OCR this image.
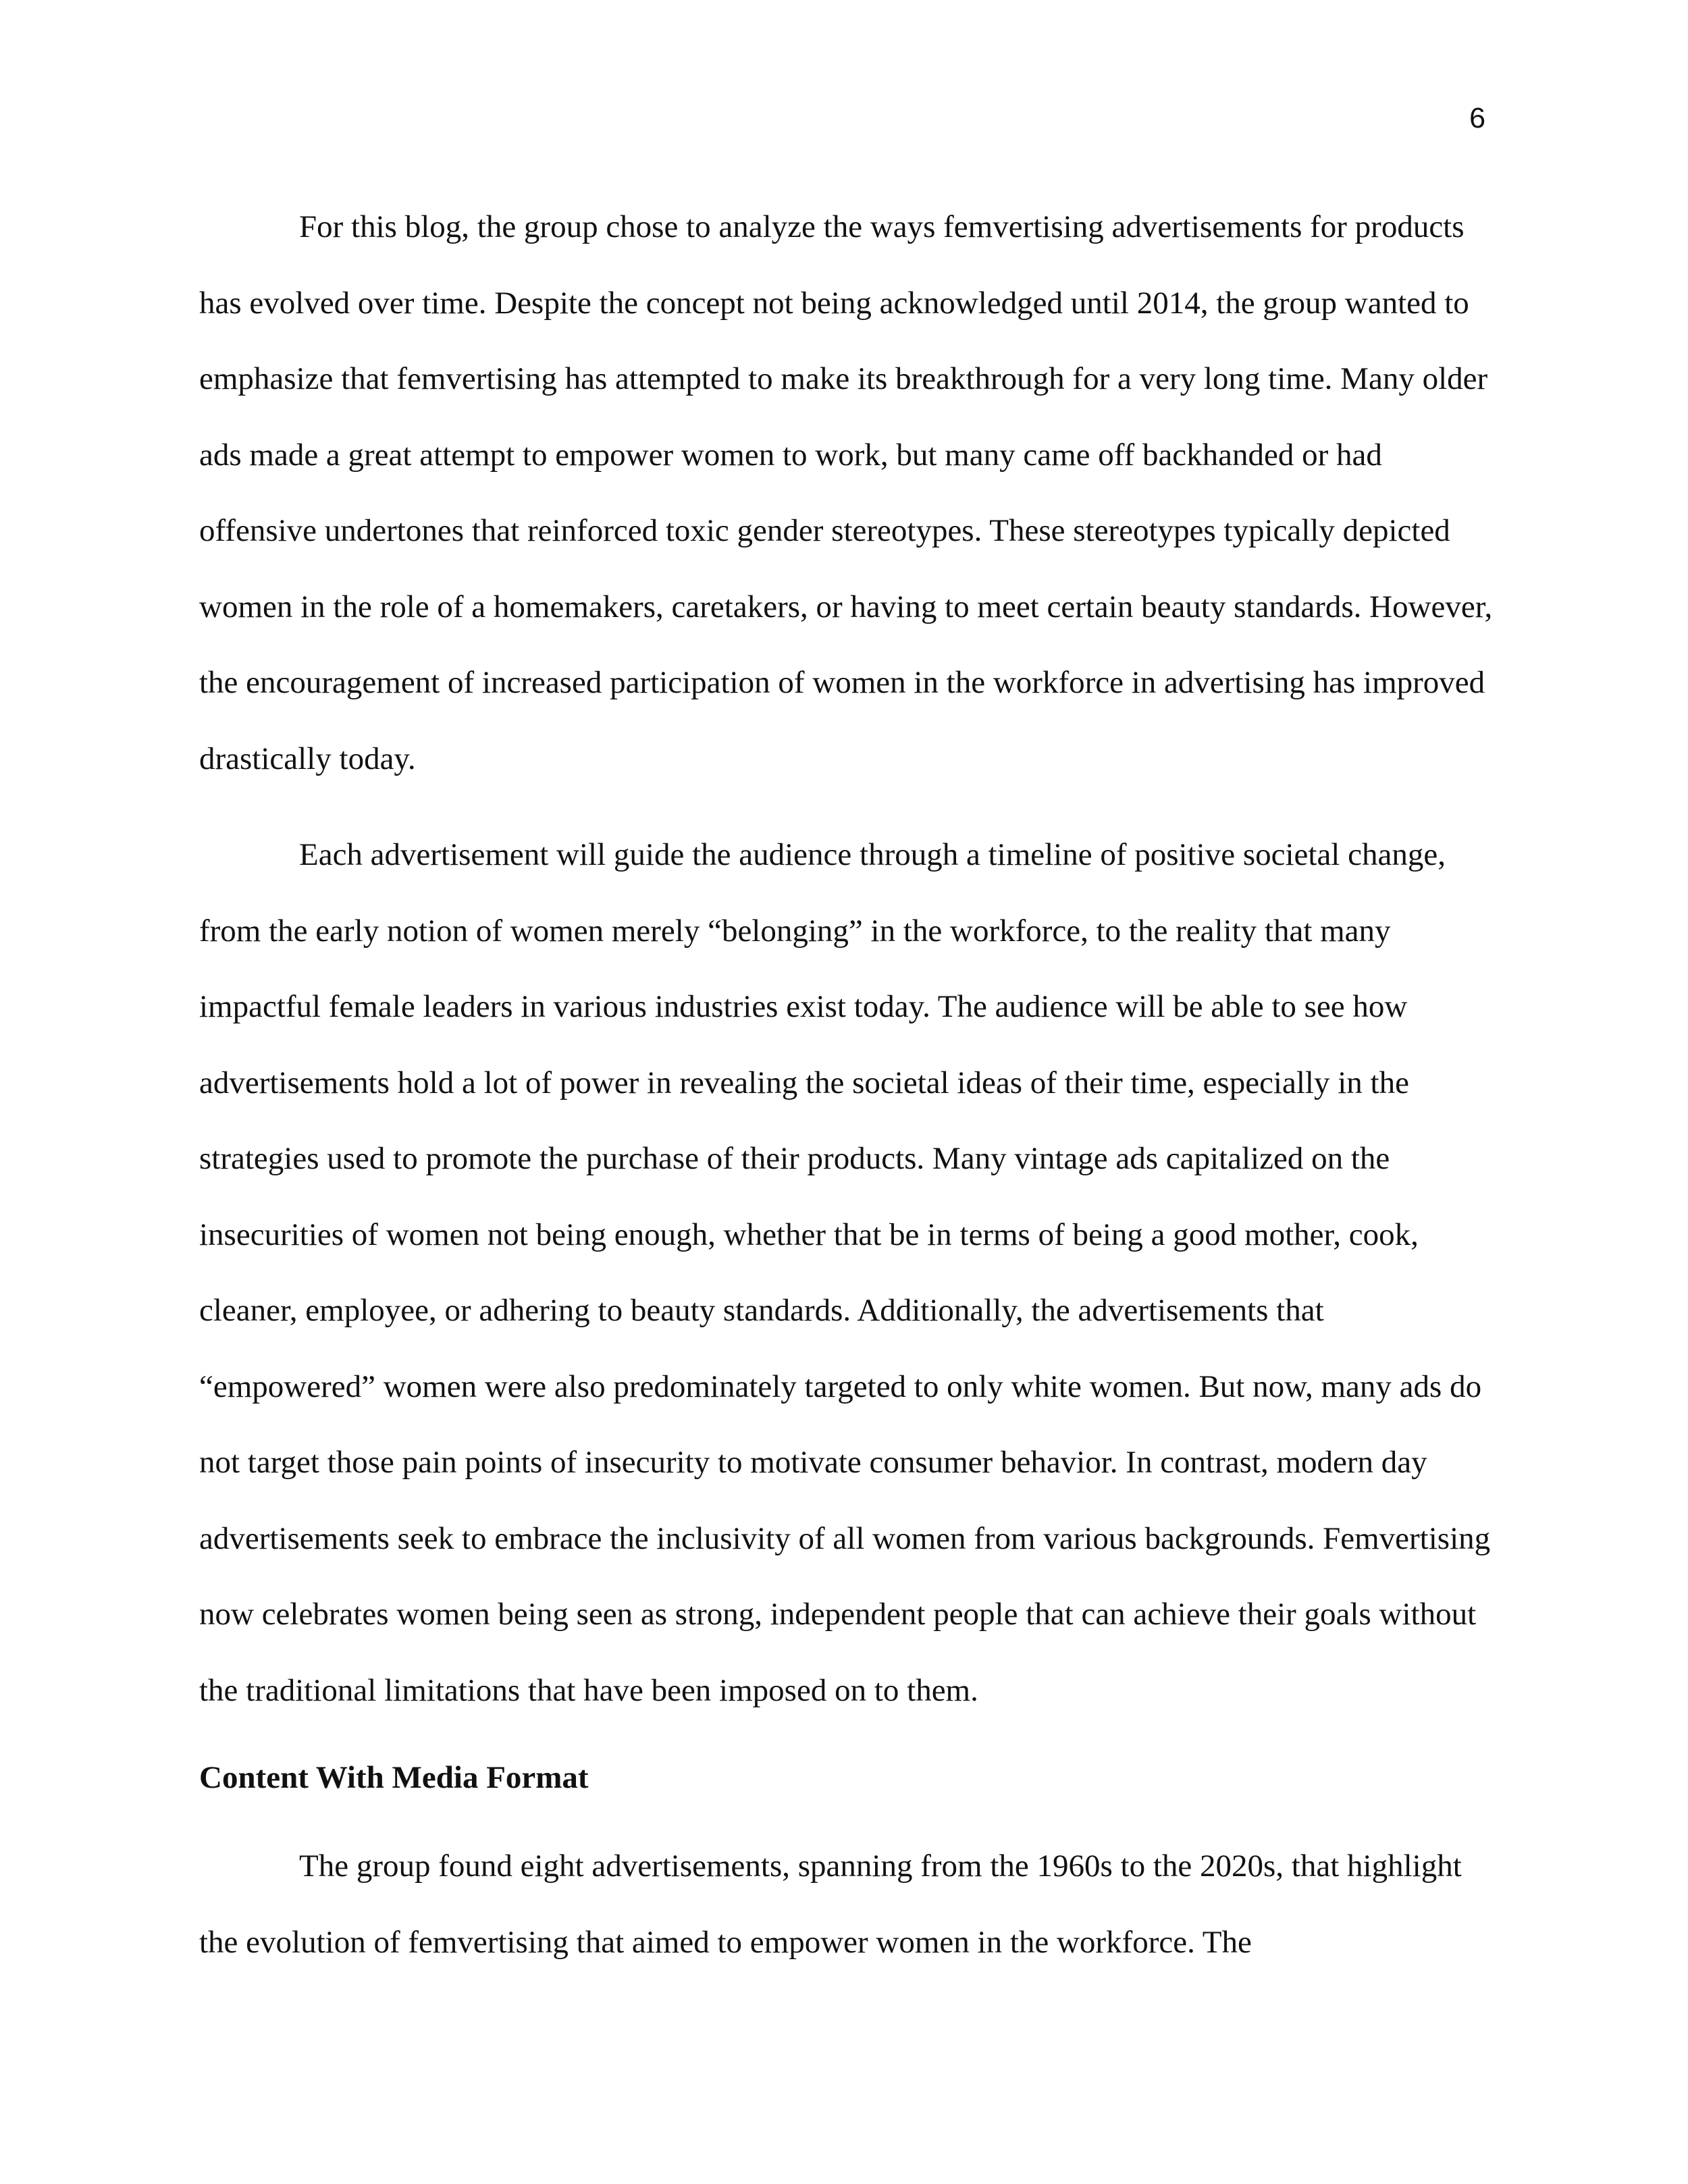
6

For this blog, the group chose to analyze the ways femvertising advertisements for products has evolved over time. Despite the concept not being acknowledged until 2014, the group wanted to emphasize that femvertising has attempted to make its breakthrough for a very long time. Many older ads made a great attempt to empower women to work, but many came off backhanded or had offensive undertones that reinforced toxic gender stereotypes. These stereotypes typically depicted women in the role of a homemakers, caretakers, or having to meet certain beauty standards. However, the encouragement of increased participation of women in the workforce in advertising has improved drastically today.

Each advertisement will guide the audience through a timeline of positive societal change, from the early notion of women merely “belonging” in the workforce, to the reality that many impactful female leaders in various industries exist today. The audience will be able to see how advertisements hold a lot of power in revealing the societal ideas of their time, especially in the strategies used to promote the purchase of their products. Many vintage ads capitalized on the insecurities of women not being enough, whether that be in terms of being a good mother, cook, cleaner, employee, or adhering to beauty standards. Additionally, the advertisements that “empowered” women were also predominately targeted to only white women. But now, many ads do not target those pain points of insecurity to motivate consumer behavior. In contrast, modern day advertisements seek to embrace the inclusivity of all women from various backgrounds. Femvertising now celebrates women being seen as strong, independent people that can achieve their goals without the traditional limitations that have been imposed on to them.

Content With Media Format

The group found eight advertisements, spanning from the 1960s to the 2020s, that highlight the evolution of femvertising that aimed to empower women in the workforce. The
